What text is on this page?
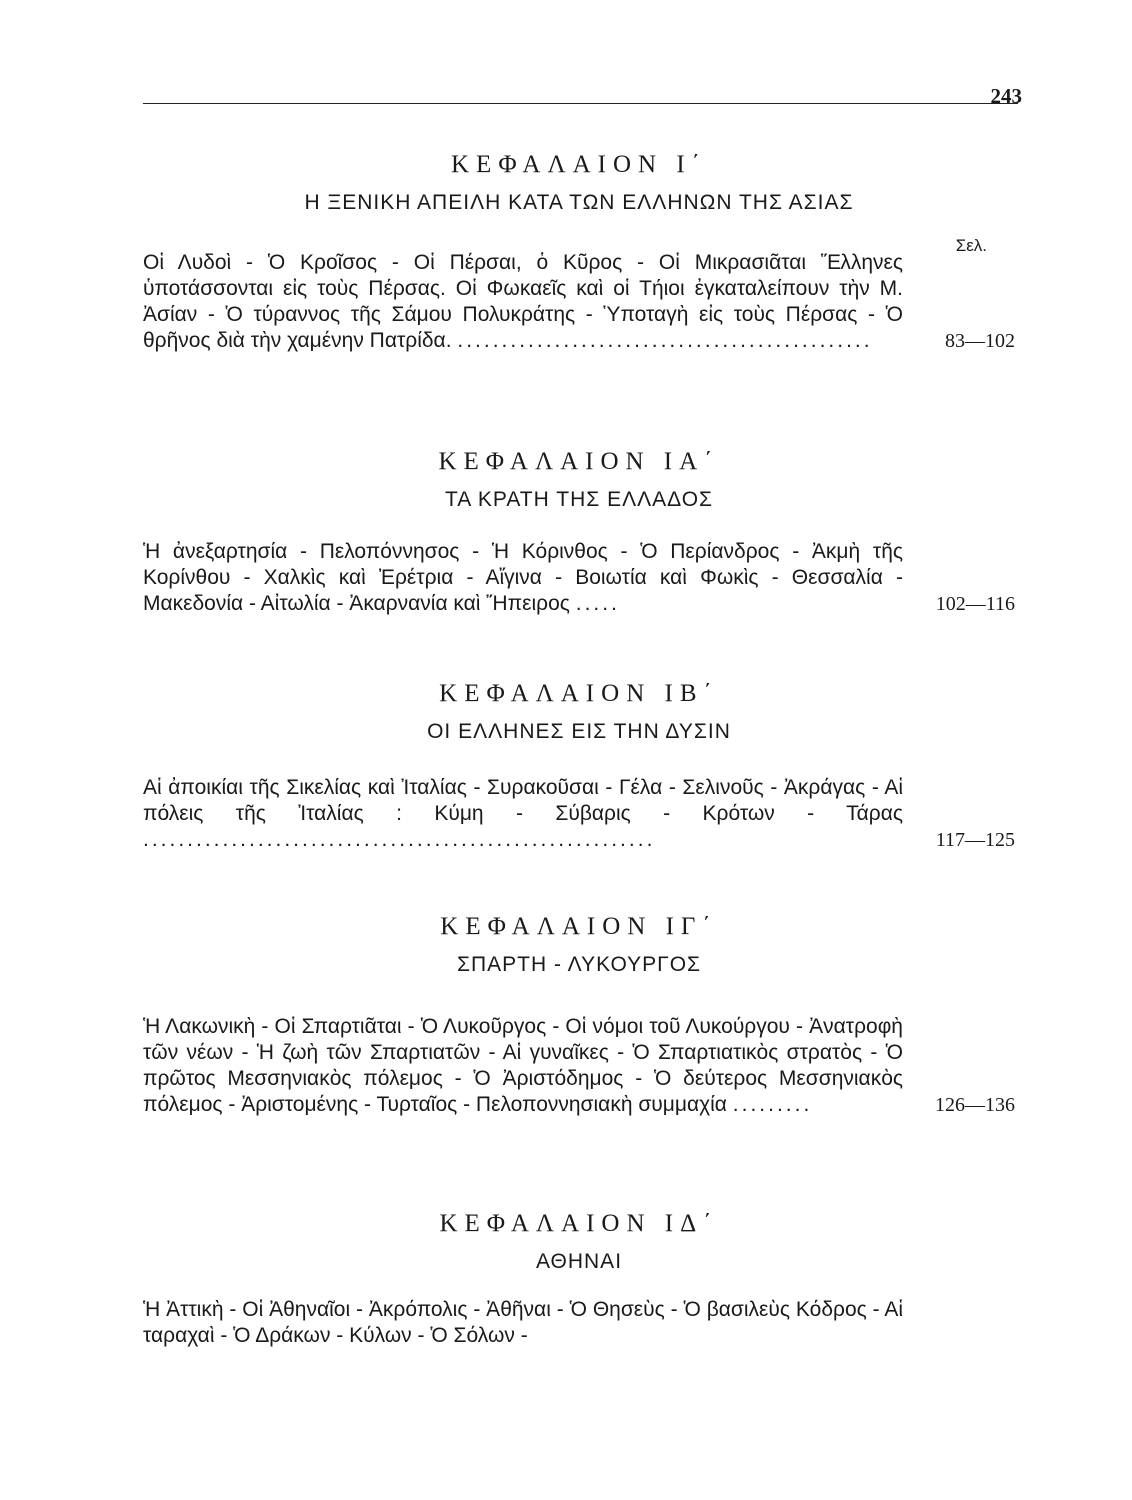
243
ΚΕΦΑΛΑΙΟΝ Ι΄
Η ΞΕΝΙΚΗ ΑΠΕΙΛΗ ΚΑΤΑ ΤΩΝ ΕΛΛΗΝΩΝ ΤΗΣ ΑΣΙΑΣ
Σελ.
Οἱ Λυδοὶ - Ὁ Κροῖσος - Οἱ Πέρσαι, ὁ Κῦρος - Οἱ Μικρασιᾶται Ἕλληνες ὑποτάσσονται εἰς τοὺς Πέρσας. Οἱ Φωκαεῖς καὶ οἱ Τήιοι ἐγκαταλείπουν τὴν Μ. Ἀσίαν - Ὁ τύραννος τῆς Σάμου Πολυκράτης - Ὑποταγὴ εἰς τοὺς Πέρσας - Ὁ θρῆνος διὰ τὴν χαμένην Πατρίδα. ...............................................	83—102
ΚΕΦΑΛΑΙΟΝ ΙΑ΄
ΤΑ ΚΡΑΤΗ ΤΗΣ ΕΛΛΑΔΟΣ
Ἡ ἀνεξαρτησία - Πελοπόννησος - Ἡ Κόρινθος - Ὁ Περίανδρος - Ἀκμὴ τῆς Κορίνθου - Χαλκὶς καὶ Ἐρέτρια - Αἴγινα - Βοιωτία καὶ Φωκὶς - Θεσσαλία - Μακεδονία - Αἰτωλία - Ἀκαρνανία καὶ Ἤπειρος .....	102—116
ΚΕΦΑΛΑΙΟΝ ΙΒ΄
ΟΙ ΕΛΛΗΝΕΣ ΕΙΣ ΤΗΝ ΔΥΣΙΝ
Αἱ ἀποικίαι τῆς Σικελίας καὶ Ἰταλίας - Συρακοῦσαι - Γέλα - Σελινοῦς - Ἀκράγας - Αἱ πόλεις τῆς Ἰταλίας : Κύμη - Σύβαρις - Κρότων - Τάρας ..........................................................	117—125
ΚΕΦΑΛΑΙΟΝ ΙΓ΄
ΣΠΑΡΤΗ - ΛΥΚΟΥΡΓΟΣ
Ἡ Λακωνικὴ - Οἱ Σπαρτιᾶται - Ὁ Λυκοῦργος - Οἱ νόμοι τοῦ Λυκούργου - Ἀνατροφὴ τῶν νέων - Ἡ ζωὴ τῶν Σπαρτιατῶν - Αἱ γυναῖκες - Ὁ Σπαρτιατικὸς στρατὸς - Ὁ πρῶτος Μεσσηνιακὸς πόλεμος - Ὁ Ἀριστόδημος - Ὁ δεύτερος Μεσσηνιακὸς πόλεμος - Ἀριστομένης - Τυρταῖος - Πελοποννησιακὴ συμμαχία .........	126—136
ΚΕΦΑΛΑΙΟΝ ΙΔ΄
ΑΘΗΝΑΙ
Ἡ Ἀττικὴ - Οἱ Ἀθηναῖοι - Ἀκρόπολις - Ἀθῆναι - Ὁ Θησεὺς - Ὁ βασιλεὺς Κόδρος - Αἱ ταραχαὶ - Ὁ Δράκων - Κύλων - Ὁ Σόλων -
